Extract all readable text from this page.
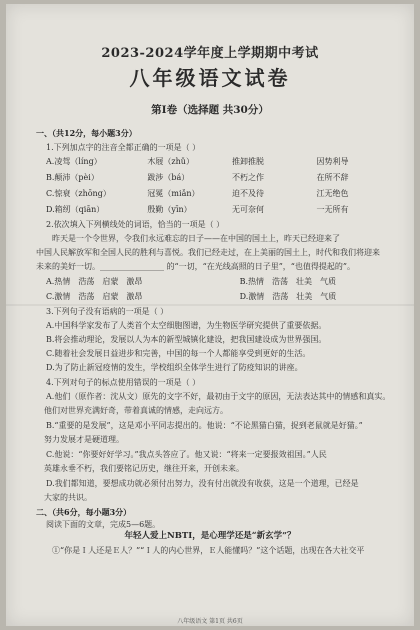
2023-2024学年度上学期期中考试
八年级语文试卷
第Ⅰ卷（选择题 共30分）
一、（共12分，每小题3分）
1.下列加点字的注音全都正确的一项是（ ）
A.凌驾（líng）	木屐（zhǔ）	推卸推脱	因势利导
B.颠沛（pèi）	跋涉（bá）	不朽之作	在所不辞
C.惊衰（zhōng）	冠冕（miǎn）	迫不及待	江无绝色
D.箱纫（qiān）	殷勤（yīn）	无可奈何	一无所有
2.依次填入下列横线处的词语，恰当的一项是（ ）
　　昨天是一个令世界，令我们永远难忘的日子——在中国的国土上，昨天已经迎来了
中国人民解放军和全国人民的胜利与喜悦。我们已经走过，在上美丽的国土上，时代和我们将迎来
未来的美好一切。________________ 的“一切，“在光线高照的日子里”，“也值得提起的”。
A.热情　浩荡　启蒙　激昂	B.热情　浩荡　壮美　气质
C.激情　浩荡　启蒙　激昂	D.激情　浩荡　壮美　气质
3.下列句子没有语病的一项是（ ）
A.中国科学家发布了人类首个太空细胞图谱，为生物医学研究提供了重要依据。
B.将会推动理论，发展以人为本的新型城镇化建设，把我国建设成为世界强国。
C.随着社会发展日益进步和完善，中国的每一个人都能享受到更好的生活。
D.为了防止新冠疫情的发生，学校组织全体学生进行了防疫知识的讲座。
4.下列对句子的标点使用错误的一项是（ ）
A.他们（原作者：沈从文）原先的文字不好，最初由于文字的原因，无法表达其中的情感和真实。
　他们对世界充满好奇，带着真诚的情感，走向远方。
B.“重要的是发展”，这是邓小平同志提出的。他说：“不论黑猫白猫，捉到老鼠就是好猫。”
　努力发展才是硬道理。
C.他说：“你要好好学习。”我点头答应了。他又说：“将来一定要报效祖国。”人民
　英雄永垂不朽，我们要铭记历史，继往开来，开创未来。
D.我们都知道，要想成功就必须付出努力，没有付出就没有收获，这是一个道理，已经是
　大家的共识。
二、（共6分，每小题3分）
阅读下面的文章，完成5—6题。
年轻人爱上NBTI，是心理学还是“新玄学”？
　　①“你是Ｉ人还是Ｅ人？”“Ｉ人的内心世界，Ｅ人能懂吗？”这个话题，出现在各大社交平
八年级语文 第1页 共6页
